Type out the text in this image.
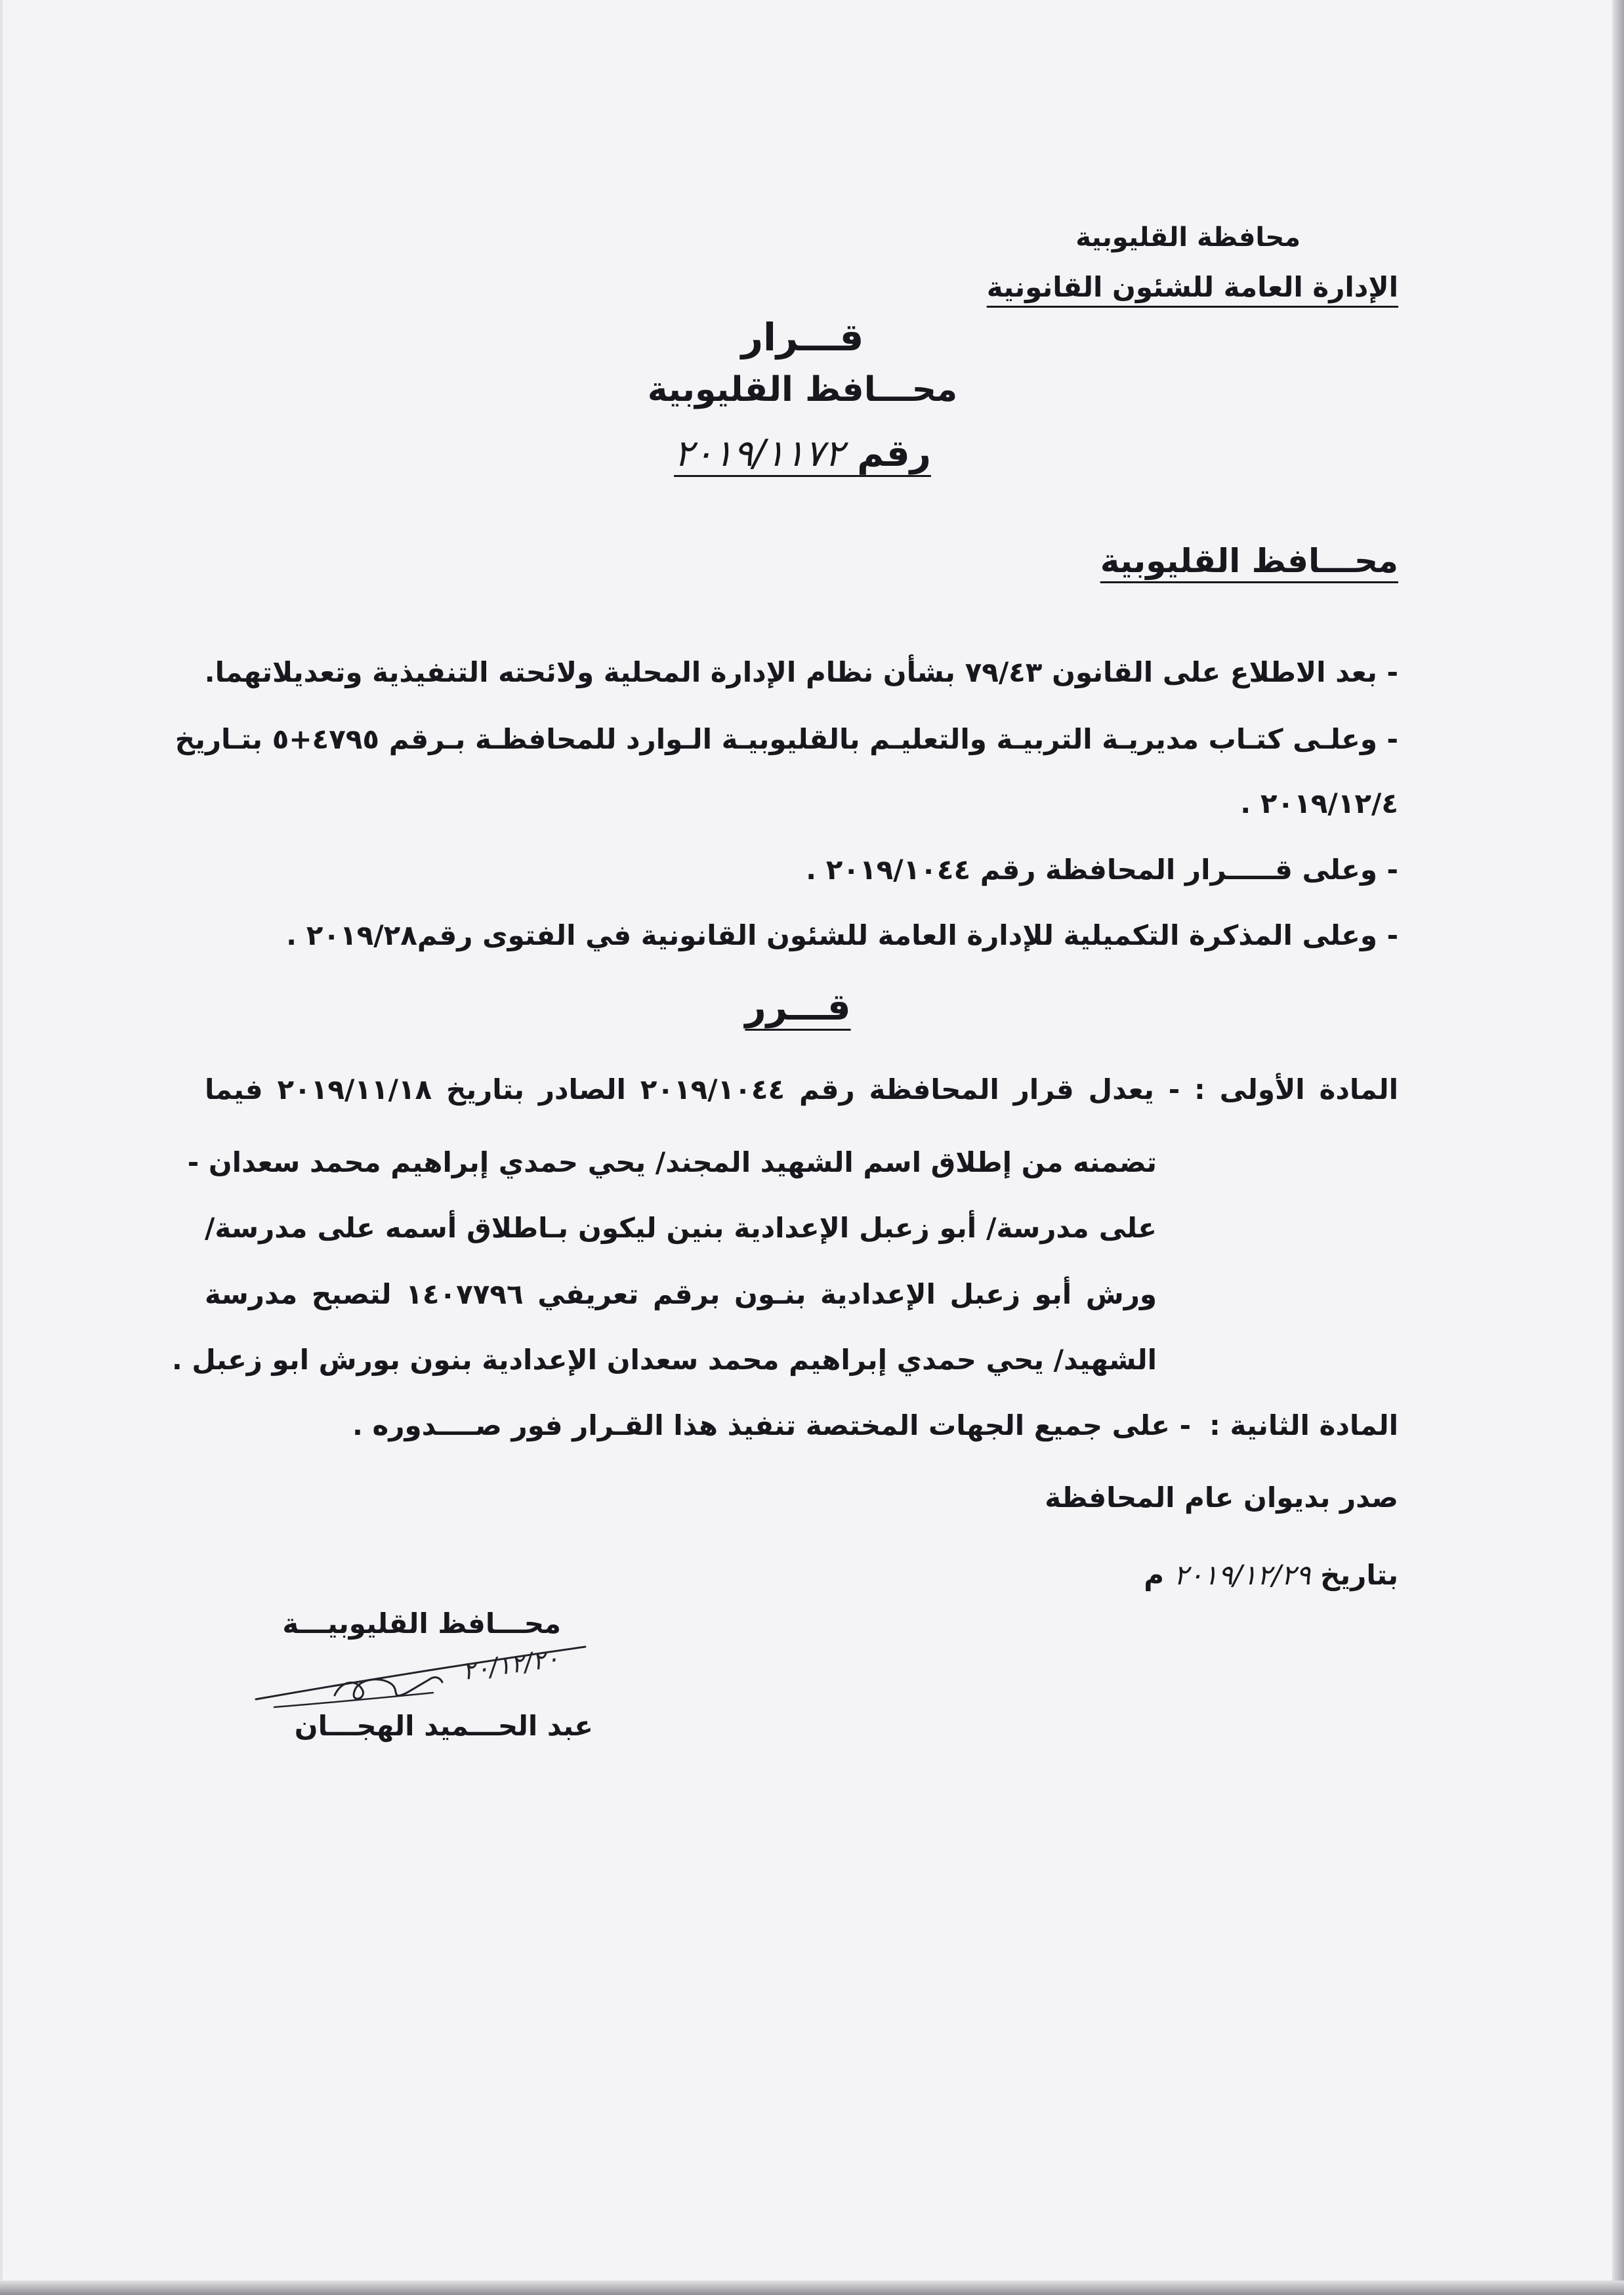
محافظة القليوبية
الإدارة العامة للشئون القانونية
قـــرار
محـــافظ القليوبية
رقم ٢٠١٩/١١٧٢
محـــافظ القليوبية
- بعد الاطلاع على القانون ٧٩/٤٣ بشأن نظام الإدارة المحلية ولائحته التنفيذية وتعديلاتهما.
- وعلـى كتـاب مديريـة التربيـة والتعليـم بالقليوبيـة الـوارد للمحافظـة بـرقم ٤٧٩٥+٥ بتـاريخ
٢٠١٩/١٢/٤ .
- وعلى قـــــرار المحافظة رقم ٢٠١٩/١٠٤٤ .
- وعلى المذكرة التكميلية للإدارة العامة للشئون القانونية في الفتوى رقم٢٠١٩/٢٨ .
قـــرر
المادة الأولى : - يعدل قرار المحافظة رقم ٢٠١٩/١٠٤٤ الصادر بتاريخ ٢٠١٩/١١/١٨ فيما
تضمنه من إطلاق اسم الشهيد المجند/ يحي حمدي إبراهيم محمد سعدان -
على مدرسة/ أبو زعبل الإعدادية بنين ليكون بـاطلاق أسمه على مدرسة/
ورش أبو زعبل الإعدادية بنـون برقم تعريفي ١٤٠٧٧٩٦ لتصبح مدرسة
الشهيد/ يحي حمدي إبراهيم محمد سعدان الإعدادية بنون بورش ابو زعبل .
المادة الثانية :- على جميع الجهات المختصة تنفيذ هذا القـرار فور صــــدوره .
صدر بديوان عام المحافظة
بتاريخ ٢٠١٩/١٢/٢٩ م
محـــافظ القليوبيـــة
٢٠/١٢/٢٠
عبد الحـــميد الهجـــان
